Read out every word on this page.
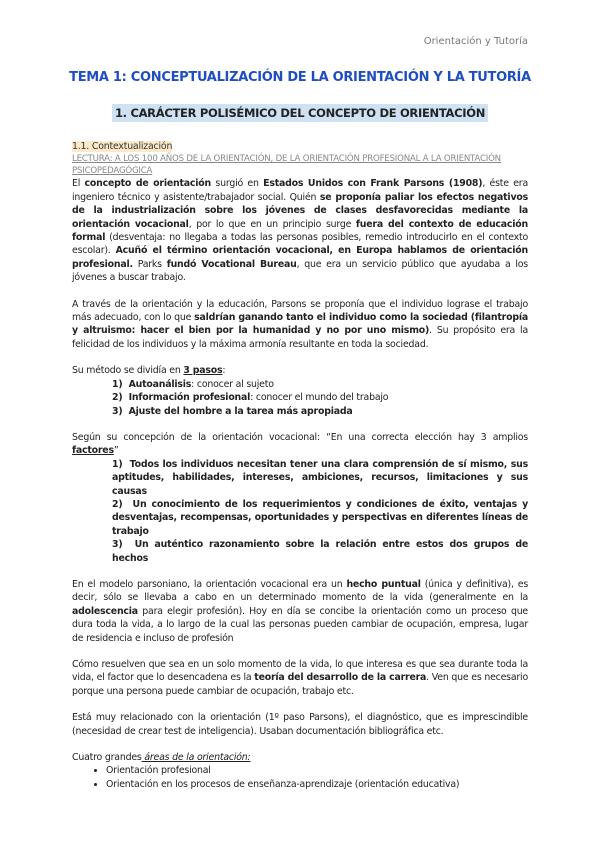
Orientación y Tutoría
TEMA 1: CONCEPTUALIZACIÓN DE LA ORIENTACIÓN Y LA TUTORÍA
1. CARÁCTER POLISÉMICO DEL CONCEPTO DE ORIENTACIÓN
1.1. Contextualización
LECTURA: A LOS 100 AÑOS DE LA ORIENTACIÓN, DE LA ORIENTACIÓN PROFESIONAL A LA ORIENTACIÓN PSICOPEDAGÓGICA

El concepto de orientación surgió en Estados Unidos con Frank Parsons (1908), éste era ingeniero técnico y asistente/trabajador social. Quién se proponía paliar los efectos negativos de la industrialización sobre los jóvenes de clases desfavorecidas mediante la orientación vocacional, por lo que en un principio surge fuera del contexto de educación formal (desventaja: no llegaba a todas las personas posibles, remedio introducirlo en el contexto escolar). Acuñó el término orientación vocacional, en Europa hablamos de orientación profesional. Parks fundó Vocational Bureau, que era un servicio público que ayudaba a los jóvenes a buscar trabajo.

A través de la orientación y la educación, Parsons se proponía que el individuo lograse el trabajo más adecuado, con lo que saldrían ganando tanto el individuo como la sociedad (filantropía y altruismo: hacer el bien por la humanidad y no por uno mismo). Su propósito era la felicidad de los individuos y la máxima armonía resultante en toda la sociedad.

Su método se dividía en 3 pasos:

1) Autoanálisis: conocer al sujeto
2) Información profesional: conocer el mundo del trabajo
3) Ajuste del hombre a la tarea más apropiada

Según su concepción de la orientación vocacional: “En una correcta elección hay 3 amplios factores”

1) Todos los individuos necesitan tener una clara comprensión de sí mismo, sus aptitudes, habilidades, intereses, ambiciones, recursos, limitaciones y sus causas
2) Un conocimiento de los requerimientos y condiciones de éxito, ventajas y desventajas, recompensas, oportunidades y perspectivas en diferentes líneas de trabajo
3) Un auténtico razonamiento sobre la relación entre estos dos grupos de hechos

En el modelo parsoniano, la orientación vocacional era un hecho puntual (única y definitiva), es decir, sólo se llevaba a cabo en un determinado momento de la vida (generalmente en la adolescencia para elegir profesión). Hoy en día se concibe la orientación como un proceso que dura toda la vida, a lo largo de la cual las personas pueden cambiar de ocupación, empresa, lugar de residencia e incluso de profesión

Cómo resuelven que sea en un solo momento de la vida, lo que interesa es que sea durante toda la vida, el factor que lo desencadena es la teoría del desarrollo de la carrera. Ven que es necesario porque una persona puede cambiar de ocupación, trabajo etc.

Está muy relacionado con la orientación (1º paso Parsons), el diagnóstico, que es imprescindible (necesidad de crear test de inteligencia). Usaban documentación bibliográfica etc.

Cuatro grandes áreas de la orientación:

• Orientación profesional
• Orientación en los procesos de enseñanza-aprendizaje (orientación educativa)
